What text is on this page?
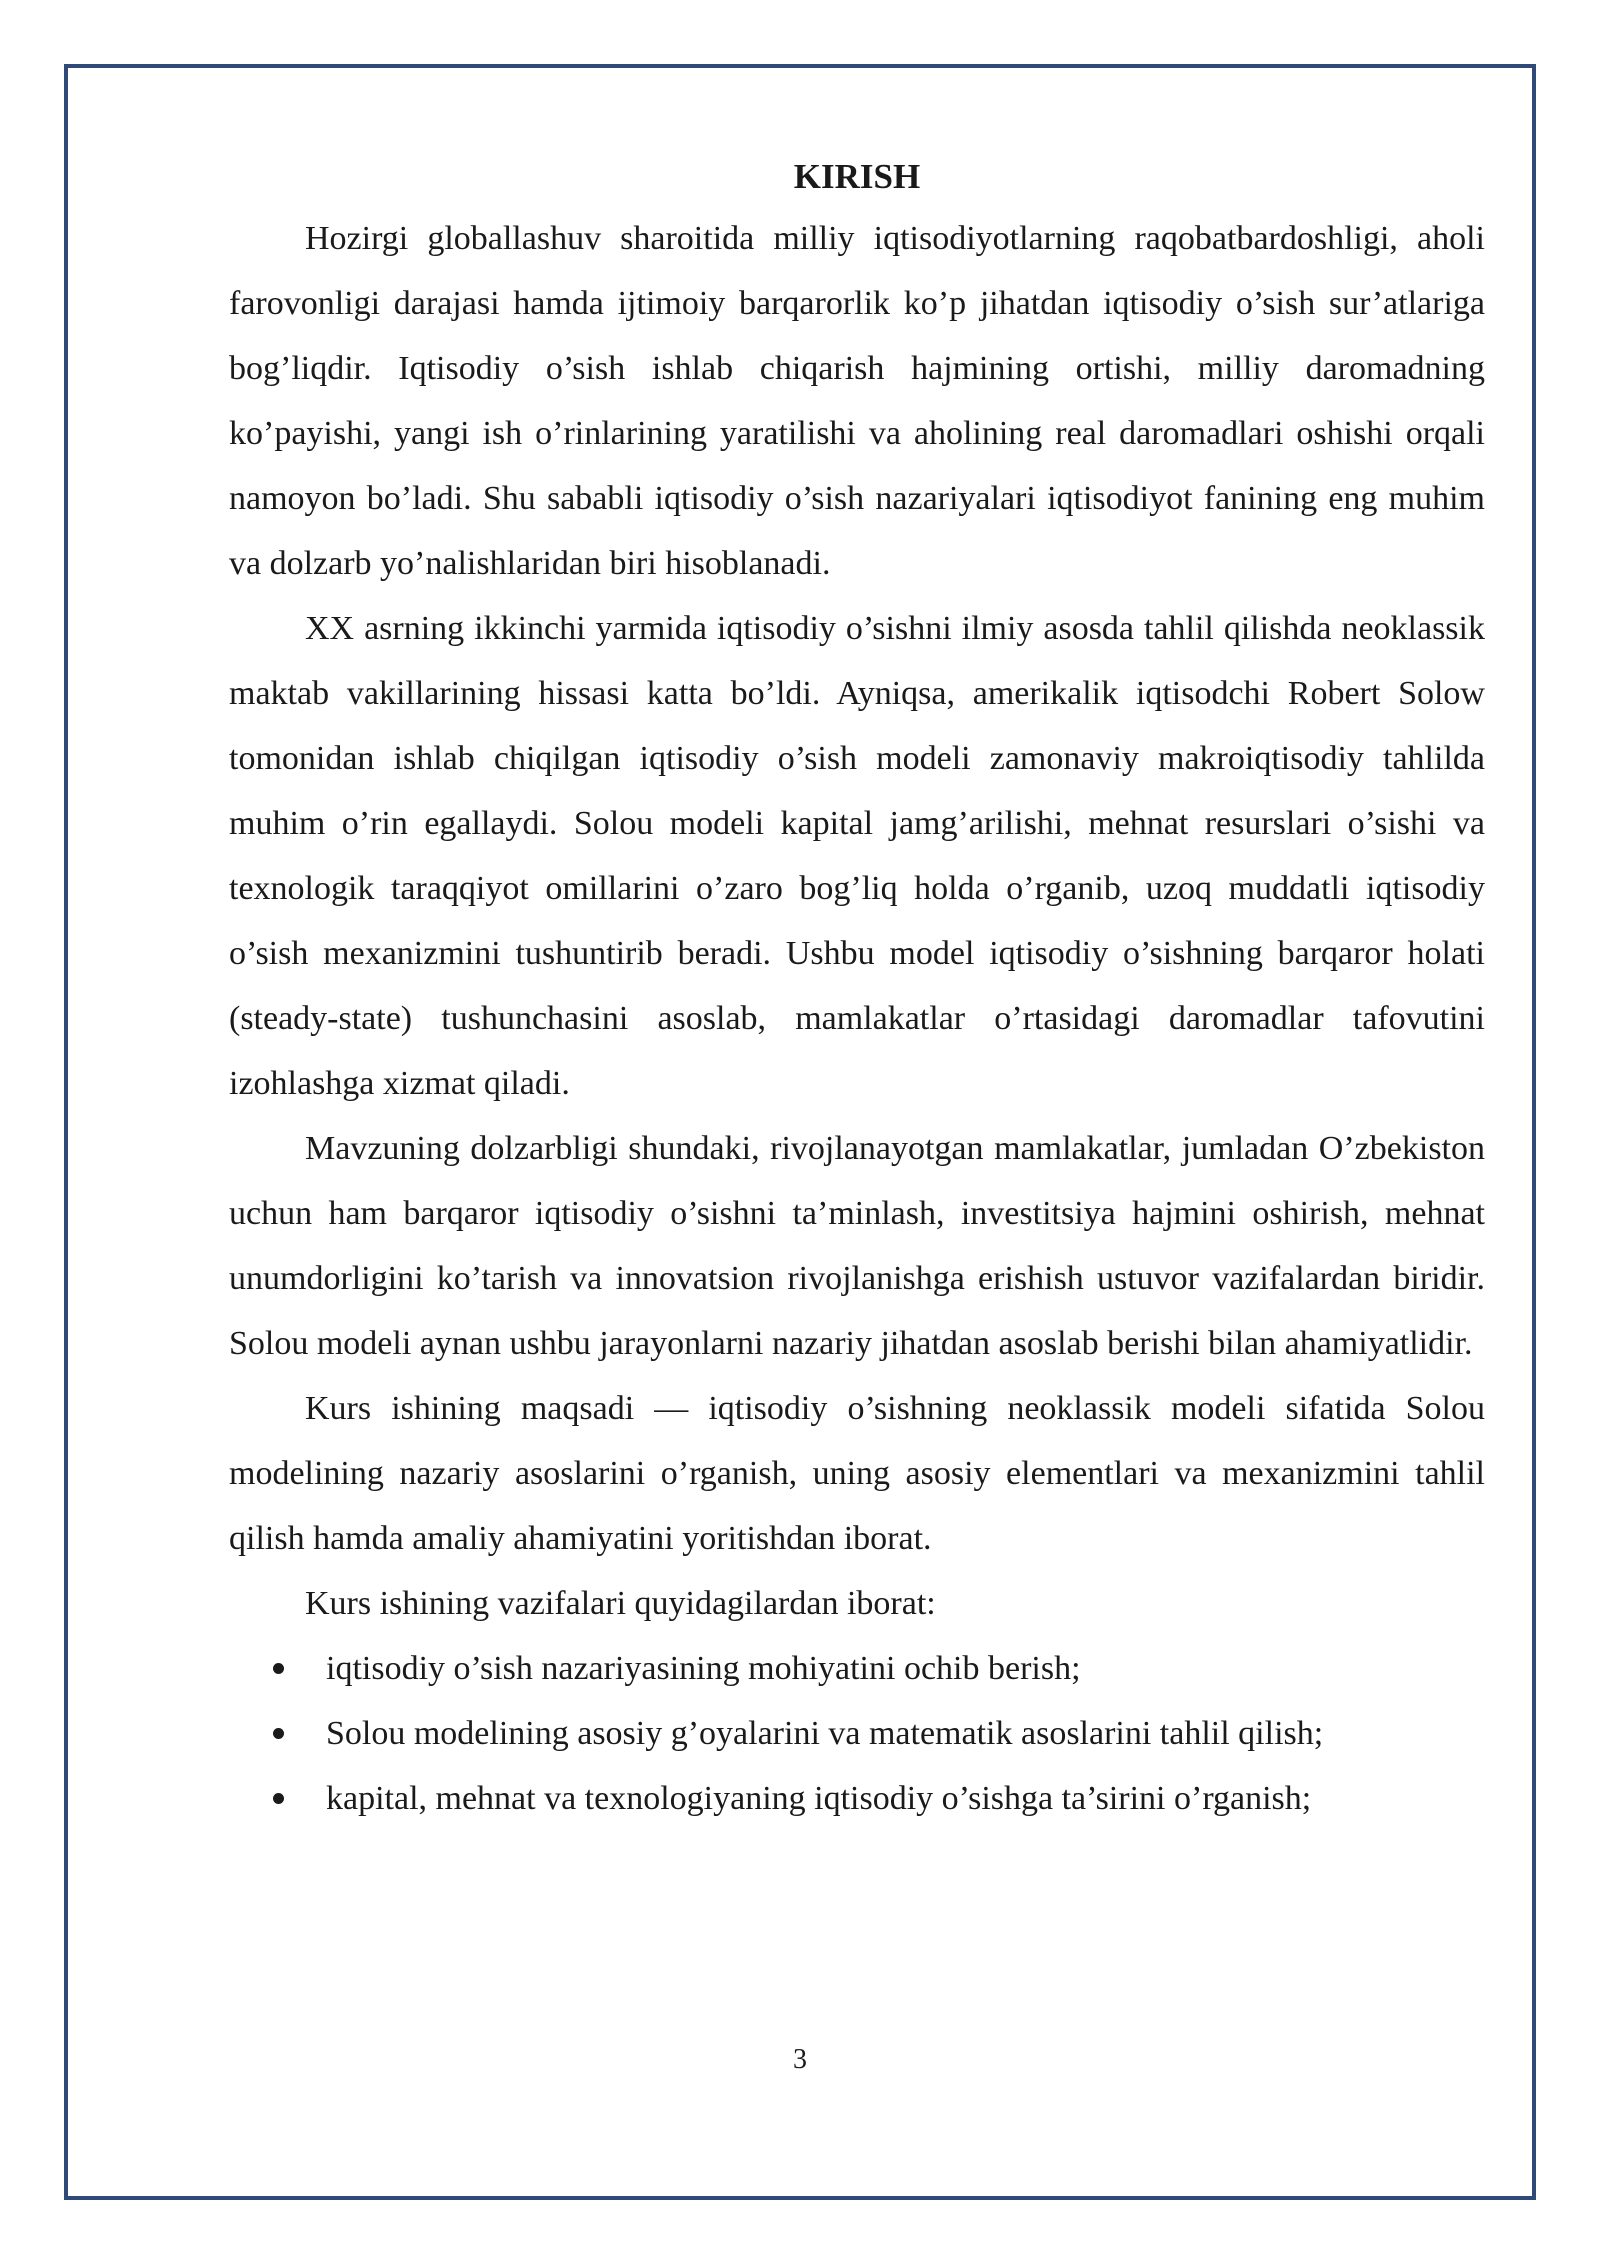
KIRISH

Hozirgi globallashuv sharoitida milliy iqtisodiyotlarning raqobatbardoshligi, aholi farovonligi darajasi hamda ijtimoiy barqarorlik ko’p jihatdan iqtisodiy o’sish sur’atlariga bog’liqdir. Iqtisodiy o’sish ishlab chiqarish hajmining ortishi, milliy daromadning ko’payishi, yangi ish o’rinlarining yaratilishi va aholining real daromadlari oshishi orqali namoyon bo’ladi. Shu sababli iqtisodiy o’sish nazariyalari iqtisodiyot fanining eng muhim va dolzarb yo’nalishlaridan biri hisoblanadi.

XX asrning ikkinchi yarmida iqtisodiy o’sishni ilmiy asosda tahlil qilishda neoklassik maktab vakillarining hissasi katta bo’ldi. Ayniqsa, amerikalik iqtisodchi Robert Solow tomonidan ishlab chiqilgan iqtisodiy o’sish modeli zamonaviy makroiqtisodiy tahlilda muhim o’rin egallaydi. Solou modeli kapital jamg’arilishi, mehnat resurslari o’sishi va texnologik taraqqiyot omillarini o’zaro bog’liq holda o’rganib, uzoq muddatli iqtisodiy o’sish mexanizmini tushuntirib beradi. Ushbu model iqtisodiy o’sishning barqaror holati (steady-state) tushunchasini asoslab, mamlakatlar o’rtasidagi daromadlar tafovutini izohlashga xizmat qiladi.

Mavzuning dolzarbligi shundaki, rivojlanayotgan mamlakatlar, jumladan O’zbekiston uchun ham barqaror iqtisodiy o’sishni ta’minlash, investitsiya hajmini oshirish, mehnat unumdorligini ko’tarish va innovatsion rivojlanishga erishish ustuvor vazifalardan biridir. Solou modeli aynan ushbu jarayonlarni nazariy jihatdan asoslab berishi bilan ahamiyatlidir.

Kurs ishining maqsadi — iqtisodiy o’sishning neoklassik modeli sifatida Solou modelining nazariy asoslarini o’rganish, uning asosiy elementlari va mexanizmini tahlil qilish hamda amaliy ahamiyatini yoritishdan iborat.

Kurs ishining vazifalari quyidagilardan iborat:

iqtisodiy o’sish nazariyasining mohiyatini ochib berish;
Solou modelining asosiy g’oyalarini va matematik asoslarini tahlil qilish;
kapital, mehnat va texnologiyaning iqtisodiy o’sishga ta’sirini o’rganish;
3
